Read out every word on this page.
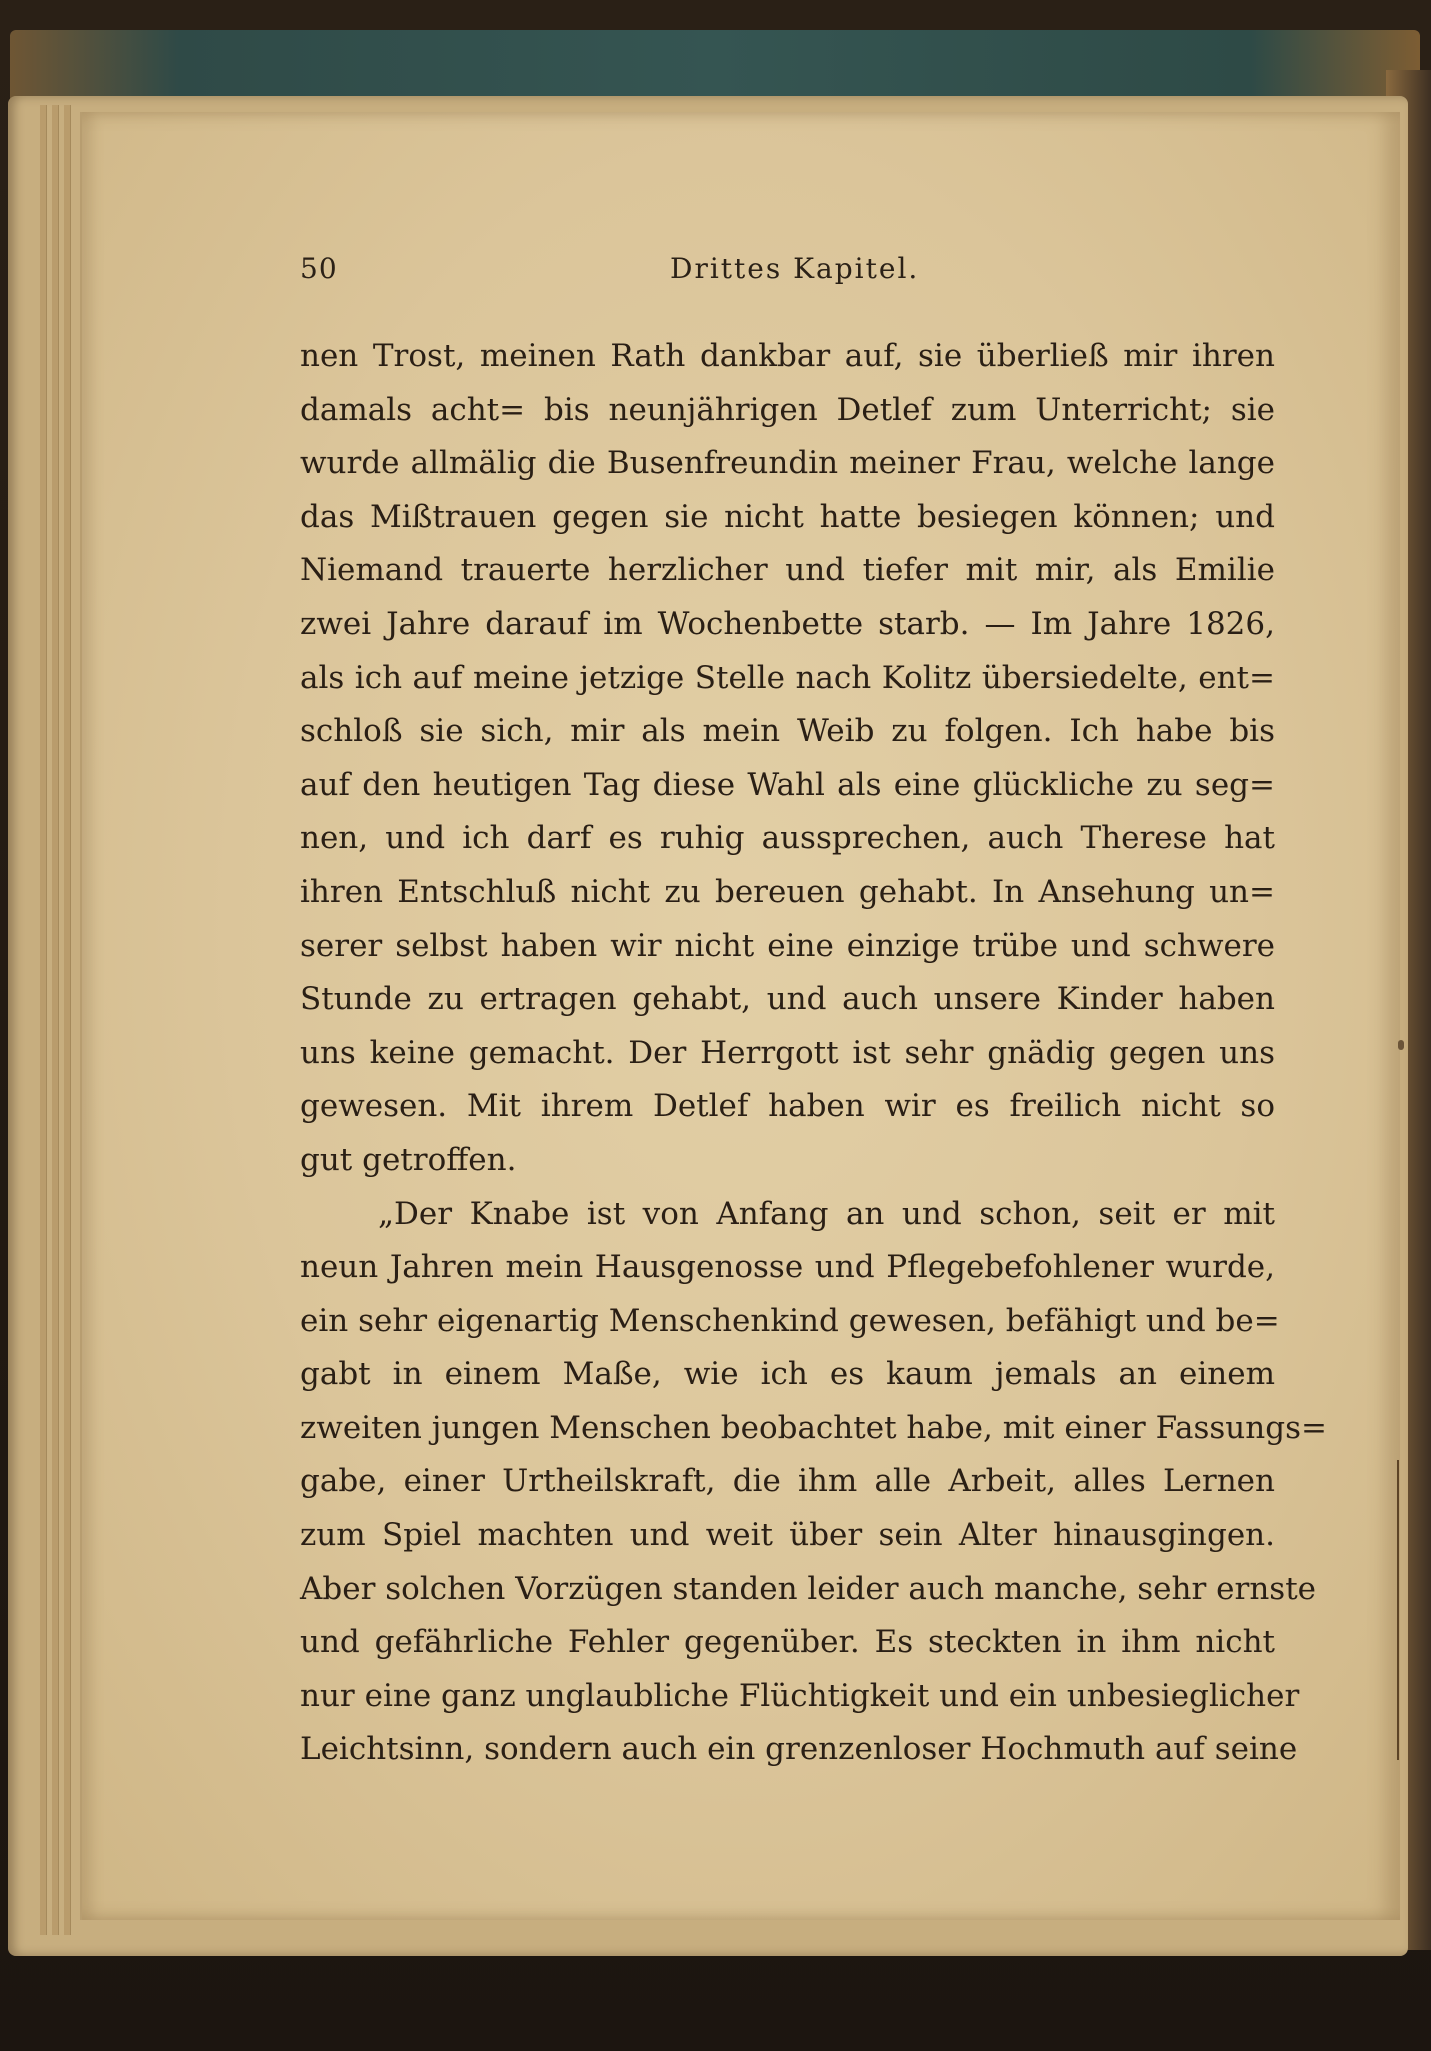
50	Drittes Kapitel.
nen Trost, meinen Rath dankbar auf, sie überließ mir ihren
damals acht= bis neunjährigen Detlef zum Unterricht; sie
wurde allmälig die Busenfreundin meiner Frau, welche lange
das Mißtrauen gegen sie nicht hatte besiegen können; und
Niemand trauerte herzlicher und tiefer mit mir, als Emilie
zwei Jahre darauf im Wochenbette starb. — Im Jahre 1826,
als ich auf meine jetzige Stelle nach Kolitz übersiedelte, ent=
schloß sie sich, mir als mein Weib zu folgen. Ich habe bis
auf den heutigen Tag diese Wahl als eine glückliche zu seg=
nen, und ich darf es ruhig aussprechen, auch Therese hat
ihren Entschluß nicht zu bereuen gehabt. In Ansehung un=
serer selbst haben wir nicht eine einzige trübe und schwere
Stunde zu ertragen gehabt, und auch unsere Kinder haben
uns keine gemacht. Der Herrgott ist sehr gnädig gegen uns
gewesen. Mit ihrem Detlef haben wir es freilich nicht so
gut getroffen.
„Der Knabe ist von Anfang an und schon, seit er mit
neun Jahren mein Hausgenosse und Pflegebefohlener wurde,
ein sehr eigenartig Menschenkind gewesen, befähigt und be=
gabt in einem Maße, wie ich es kaum jemals an einem
zweiten jungen Menschen beobachtet habe, mit einer Fassungs=
gabe, einer Urtheilskraft, die ihm alle Arbeit, alles Lernen
zum Spiel machten und weit über sein Alter hinausgingen.
Aber solchen Vorzügen standen leider auch manche, sehr ernste
und gefährliche Fehler gegenüber. Es steckten in ihm nicht
nur eine ganz unglaubliche Flüchtigkeit und ein unbesieglicher
Leichtsinn, sondern auch ein grenzenloser Hochmuth auf seine
